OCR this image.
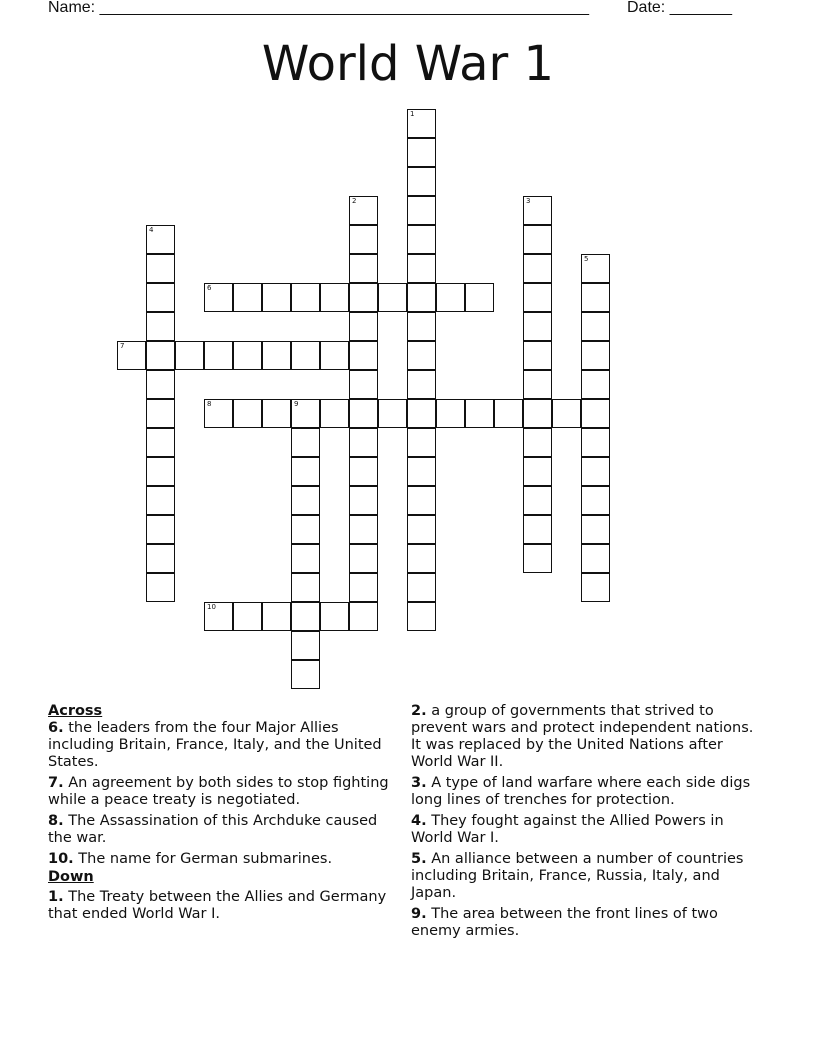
Name: _______________________________________________________ Date: _______
World War 1
1
2	3
4
5
6
7
8	9
10

Across

6. the leaders from the four Major Allies including Britain, France, Italy, and the United States.

7. An agreement by both sides to stop fighting while a peace treaty is negotiated.

8. The Assassination of this Archduke caused the war.

10. The name for German submarines.

Down

1. The Treaty between the Allies and Germany that ended World War I.

2. a group of governments that strived to prevent wars and protect independent nations. It was replaced by the United Nations after World War II.

3. A type of land warfare where each side digs long lines of trenches for protection.

4. They fought against the Allied Powers in World War I.

5. An alliance between a number of countries including Britain, France, Russia, Italy, and Japan.

9. The area between the front lines of two enemy armies.
